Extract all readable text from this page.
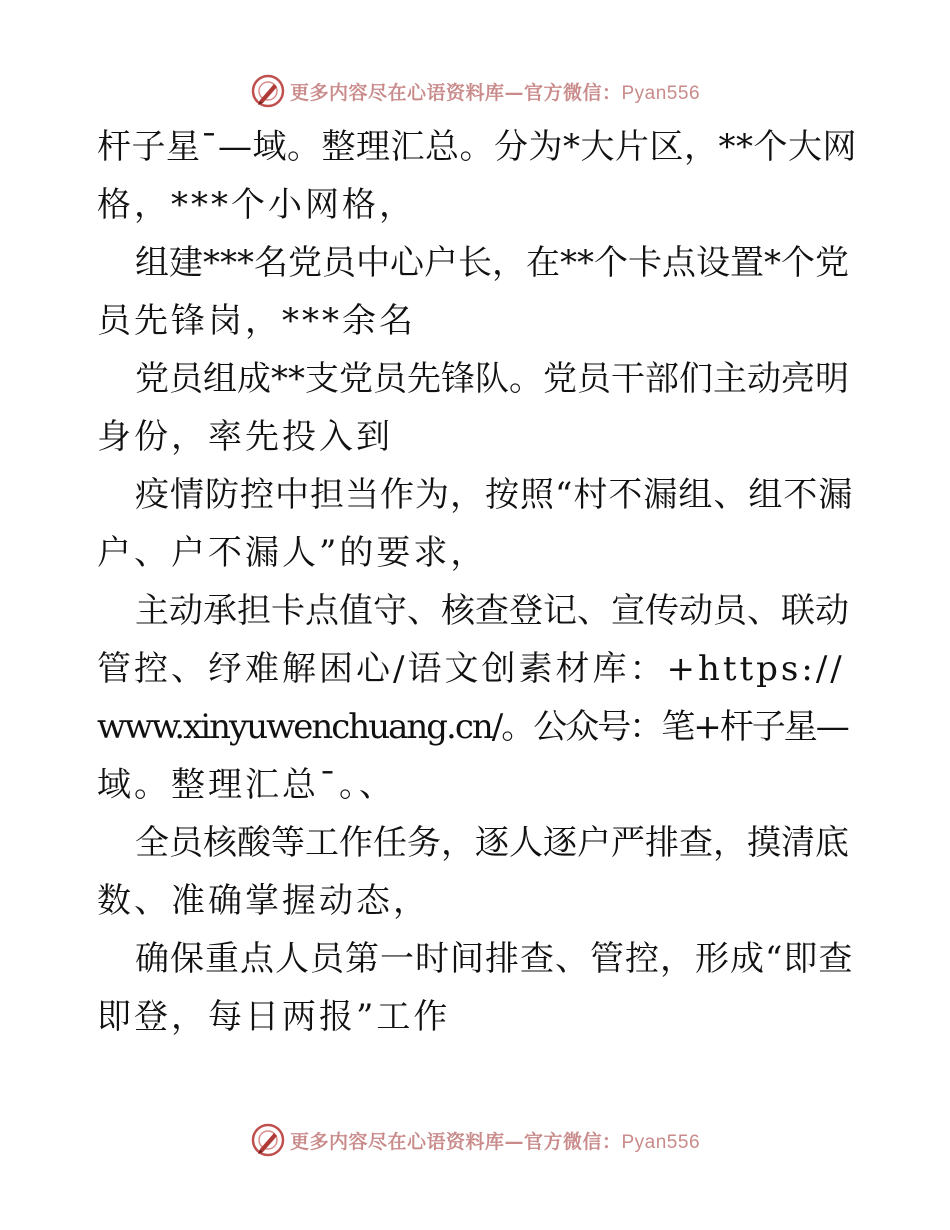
更多内容尽在心语资料库—官方微信：Pyan556

杆子星¯—域。整理汇总。分为*大片区，**个大网
格，***个小网格，

组建***名党员中心户长，在**个卡点设置*个党
员先锋岗，***余名

党员组成**支党员先锋队。党员干部们主动亮明
身份，率先投入到

疫情防控中担当作为，按照“村不漏组、组不漏
户、户不漏人”的要求，

主动承担卡点值守、核查登记、宣传动员、联动
管控、纾难解困心/语文创素材库：+https://
www.xinyuwenchuang.cn/。公众号：笔+杆子星—
域。整理汇总¯。、

全员核酸等工作任务，逐人逐户严排查，摸清底
数、准确掌握动态，

确保重点人员第一时间排查、管控，形成“即查
即登，每日两报”工作

更多内容尽在心语资料库—官方微信：Pyan556
